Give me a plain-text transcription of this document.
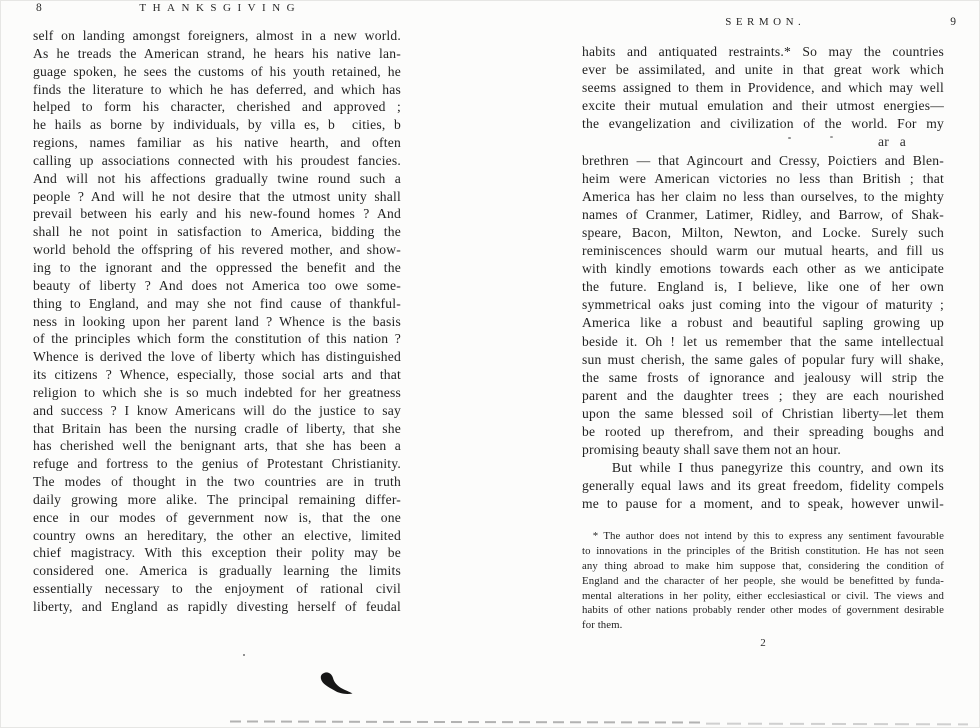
8	THANKSGIVING
self on landing amongst foreigners, almost in a new world.
As he treads the American strand, he hears his native lan-
guage spoken, he sees the customs of his youth retained, he
finds the literature to which he has deferred, and which has
helped to form his character, cherished and approved ;
he hails as borne by individuals, by villa es, b  cities, b
regions, names familiar as his native hearth, and often
calling up associations connected with his proudest fancies.
And will not his affections gradually twine round such a
people ? And will he not desire that the utmost unity shall
prevail between his early and his new-found homes ? And
shall he not point in satisfaction to America, bidding the
world behold the offspring of his revered mother, and show-
ing to the ignorant and the oppressed the benefit and the
beauty of liberty ? And does not America too owe some-
thing to England, and may she not find cause of thankful-
ness in looking upon her parent land ? Whence is the basis
of the principles which form the constitution of this nation ?
Whence is derived the love of liberty which has distinguished
its citizens ? Whence, especially, those social arts and that
religion to which she is so much indebted for her greatness
and success ? I know Americans will do the justice to say
that Britain has been the nursing cradle of liberty, that she
has cherished well the benignant arts, that she has been a
refuge and fortress to the genius of Protestant Christianity.
The modes of thought in the two countries are in truth
daily growing more alike. The principal remaining differ-
ence in our modes of gevernment now is, that the one
country owns an hereditary, the other an elective, limited
chief magistracy. With this exception their polity may be
considered one. America is gradually learning the limits
essentially necessary to the enjoyment of rational civil
liberty, and England as rapidly divesting herself of feudal
SERMON.	9
habits and antiquated restraints.* So may the countries
ever be assimilated, and unite in that great work which
seems assigned to them in Providence, and which may well
excite their mutual emulation and their utmost energies—
the evangelization and civilization of the world. For my
ar   a
brethren — that Agincourt and Cressy, Poictiers and Blen-
heim were American victories no less than British ; that
America has her claim no less than ourselves, to the mighty
names of Cranmer, Latimer, Ridley, and Barrow, of Shak-
speare, Bacon, Milton, Newton, and Locke. Surely such
reminiscences should warm our mutual hearts, and fill us
with kindly emotions towards each other as we anticipate
the future. England is, I believe, like one of her own
symmetrical oaks just coming into the vigour of maturity ;
America like a robust and beautiful sapling growing up
beside it. Oh ! let us remember that the same intellectual
sun must cherish, the same gales of popular fury will shake,
the same frosts of ignorance and jealousy will strip the
parent and the daughter trees ; they are each nourished
upon the same blessed soil of Christian liberty—let them
be rooted up therefrom, and their spreading boughs and
promising beauty shall save them not an hour.
But while I thus panegyrize this country, and own its
generally equal laws and its great freedom, fidelity compels
me to pause for a moment, and to speak, however unwil-
* The author does not intend by this to express any sentiment favourable
to innovations in the principles of the British constitution. He has not seen
any thing abroad to make him suppose that, considering the condition of
England and the character of her people, she would be benefitted by funda-
mental alterations in her polity, either ecclesiastical or civil. The views and
habits of other nations probably render other modes of government desirable
for them.
2
